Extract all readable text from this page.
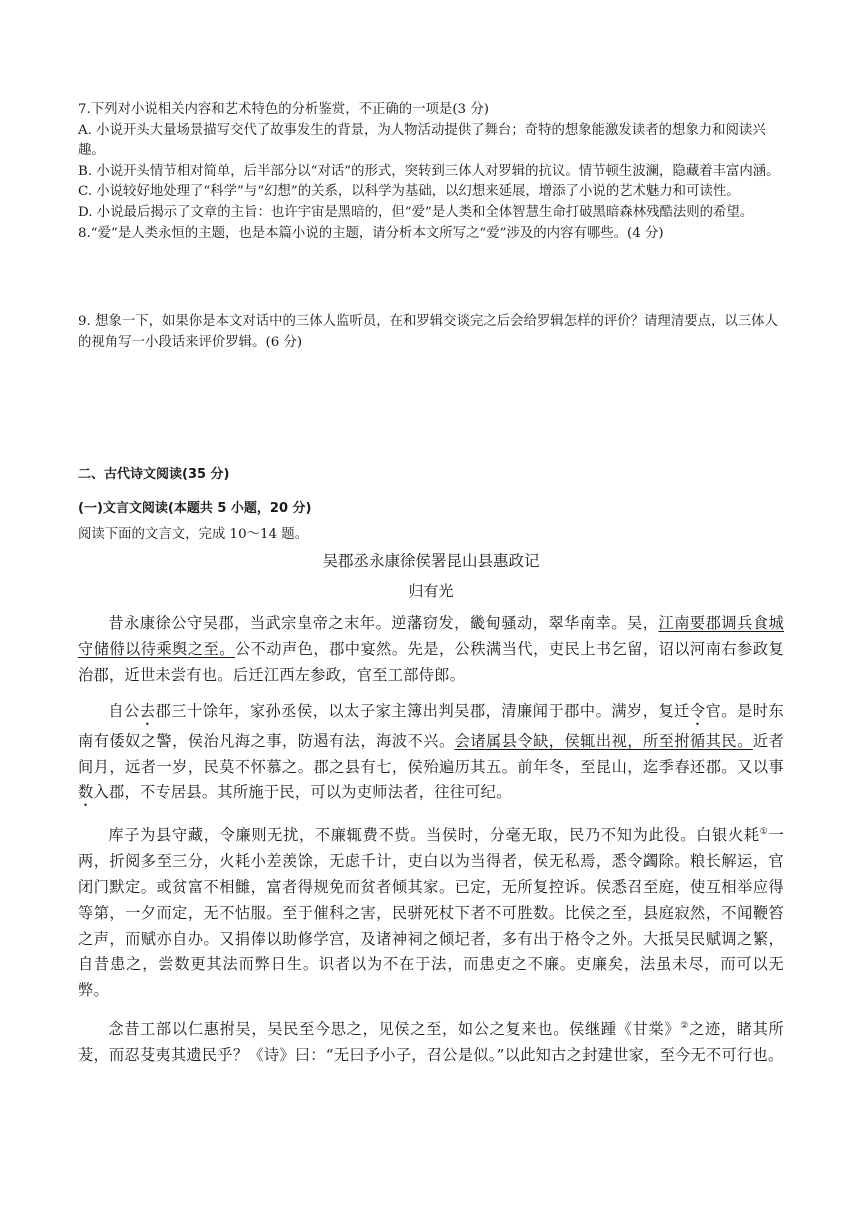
7.下列对小说相关内容和艺术特色的分析鉴赏，不正确的一项是(3 分)
A. 小说开头大量场景描写交代了故事发生的背景，为人物活动提供了舞台；奇特的想象能激发读者的想象力和阅读兴趣。
B. 小说开头情节相对简单，后半部分以“对话”的形式，突转到三体人对罗辑的抗议。情节顿生波澜，隐藏着丰富内涵。
C. 小说较好地处理了“科学”与“幻想”的关系，以科学为基础，以幻想来延展，增添了小说的艺术魅力和可读性。
D. 小说最后揭示了文章的主旨：也许宇宙是黑暗的，但“爱”是人类和全体智慧生命打破黑暗森林残酷法则的希望。
8.“爱”是人类永恒的主题，也是本篇小说的主题，请分析本文所写之“爱”涉及的内容有哪些。(4 分)

9. 想象一下，如果你是本文对话中的三体人监听员，在和罗辑交谈完之后会给罗辑怎样的评价？请理清要点，以三体人的视角写一小段话来评价罗辑。(6 分)

二、古代诗文阅读(35 分)

(一)文言文阅读(本题共 5 小题，20 分)

阅读下面的文言文，完成 10～14 题。

吴郡丞永康徐侯署昆山县惠政记

归有光

昔永康徐公守吴郡，当武宗皇帝之末年。逆藩窃发，畿甸骚动，翠华南幸。吴，江南要郡调兵食城守储偫以待乘舆之至。公不动声色，郡中宴然。先是，公秩满当代，吏民上书乞留，诏以河南右参政复治郡，近世未尝有也。后迁江西左参政，官至工部侍郎。

自公去郡三十馀年，家孙丞侯，以太子家主簿出判吴郡，清廉闻于郡中。满岁，复迁令官。是时东南有倭奴之警，侯治凡海之事，防遏有法，海波不兴。会诸属县令缺，侯辄出视，所至拊循其民。近者间月，远者一岁，民莫不怀慕之。郡之县有七，侯殆遍历其五。前年冬，至昆山，迄季春还郡。又以事数入郡，不专居县。其所施于民，可以为吏师法者，往往可纪。

库子为县守藏，令廉则无扰，不廉辄费不赀。当侯时，分毫无取，民乃不知为此役。白银火耗①一两，折阅多至三分，火耗小差羡馀，无虑千计，吏白以为当得者，侯无私焉，悉令蠲除。粮长解运，官闭门默定。或贫富不相雠，富者得规免而贫者倾其家。已定，无所复控诉。侯悉召至庭，使互相举应得等第，一夕而定，无不怗服。至于催科之害，民骈死杖下者不可胜数。比侯之至，县庭寂然，不闻鞭笞之声，而赋亦自办。又捐俸以助修学宫，及诸神祠之倾圮者，多有出于格令之外。大抵吴民赋调之繁，自昔患之，尝数更其法而弊日生。识者以为不在于法，而患吏之不廉。吏廉矣，法虽未尽，而可以无弊。

念昔工部以仁惠拊吴，吴民至今思之，见侯之至，如公之复来也。侯继踵《甘棠》②之迹，睹其所茇，而忍芟夷其遗民乎？《诗》曰：“无曰予小子，召公是似。”以此知古之封建世家，至今无不可行也。
